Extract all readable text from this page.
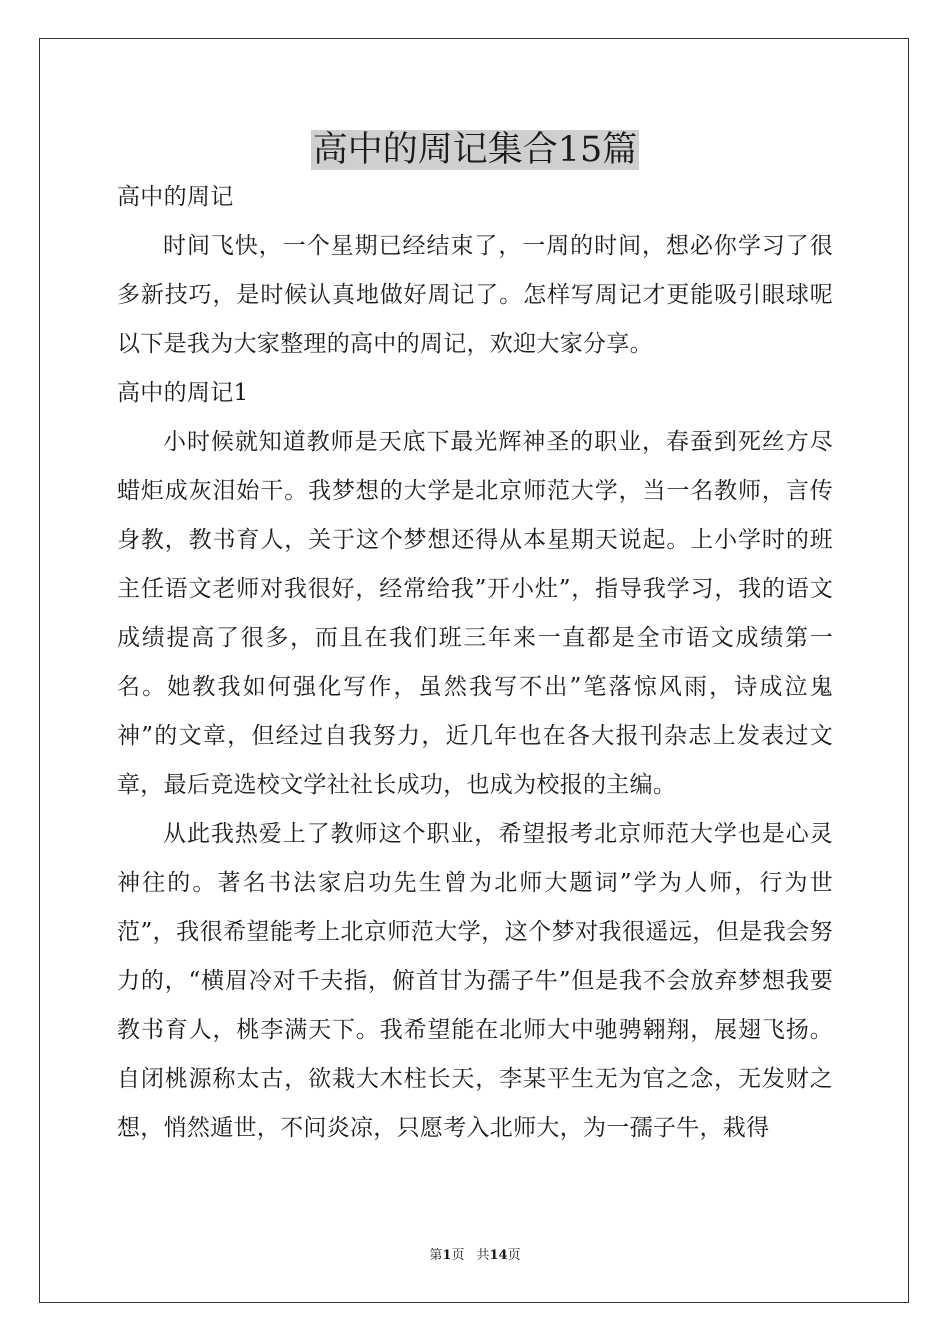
高中的周记集合15篇

高中的周记

时间飞快，一个星期已经结束了，一周的时间，想必你学习了很多新技巧，是时候认真地做好周记了。怎样写周记才更能吸引眼球呢以下是我为大家整理的高中的周记，欢迎大家分享。

高中的周记1

小时候就知道教师是天底下最光辉神圣的职业，春蚕到死丝方尽蜡炬成灰泪始干。我梦想的大学是北京师范大学，当一名教师，言传身教，教书育人，关于这个梦想还得从本星期天说起。上小学时的班主任语文老师对我很好，经常给我”开小灶”，指导我学习，我的语文成绩提高了很多，而且在我们班三年来一直都是全市语文成绩第一名。她教我如何强化写作，虽然我写不出”笔落惊风雨，诗成泣鬼神”的文章，但经过自我努力，近几年也在各大报刊杂志上发表过文章，最后竞选校文学社社长成功，也成为校报的主编。

从此我热爱上了教师这个职业，希望报考北京师范大学也是心灵神往的。著名书法家启功先生曾为北师大题词”学为人师，行为世范”，我很希望能考上北京师范大学，这个梦对我很遥远，但是我会努力的，“横眉冷对千夫指，俯首甘为孺子牛”但是我不会放弃梦想我要教书育人，桃李满天下。我希望能在北师大中驰骋翱翔，展翅飞扬。自闭桃源称太古，欲栽大木柱长天，李某平生无为官之念，无发财之想，悄然遁世，不问炎凉，只愿考入北师大，为一孺子牛，栽得

第1页 共14页
